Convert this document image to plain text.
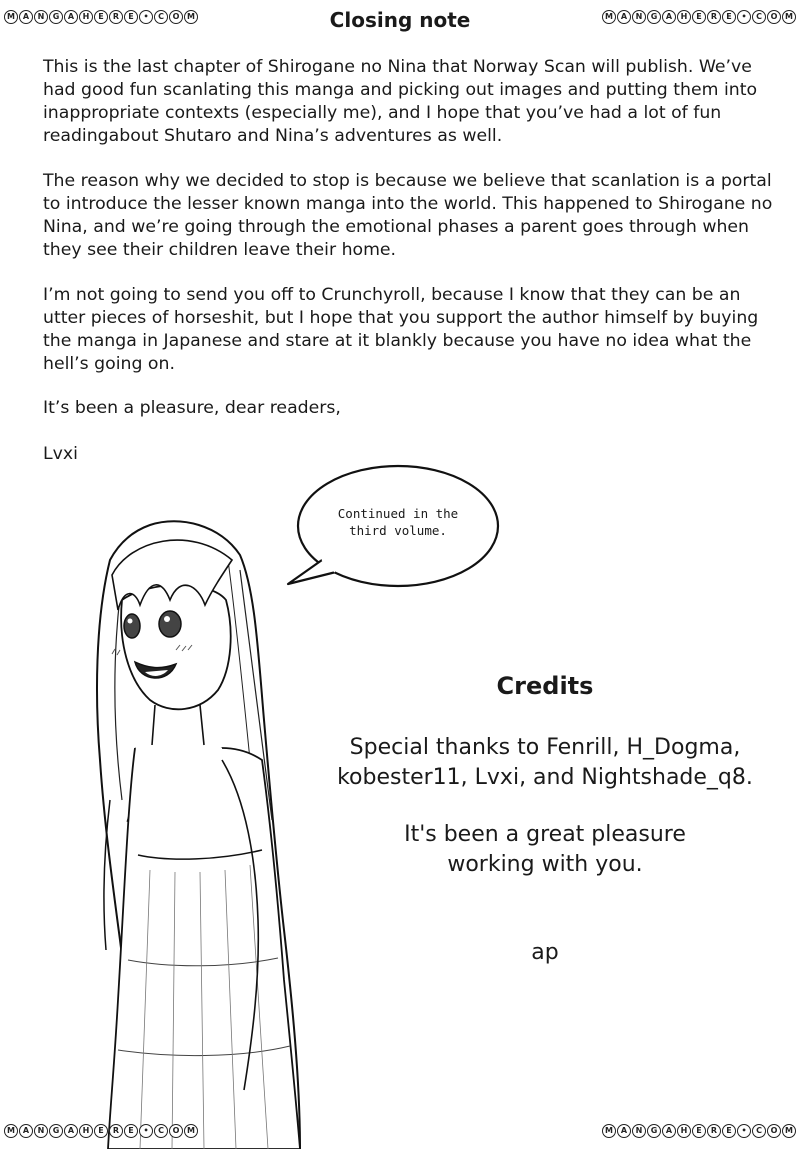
M A	N	G	A	H	E	R	E	•	C	O M	M A	N	G	A	H	E	R	E	•	C	O M
M A	N	G	A	H	E	R	E	•	C	O M	M A	N	G	A	H	E	R	E	•	C	O M
Closing note
This is the last chapter of Shirogane no Nina that Norway Scan will publish. We’ve had good fun scanlating this manga and picking out images and putting them into inappropriate contexts (especially me), and I hope that you’ve had a lot of fun readingabout Shutaro and Nina’s adventures as well.
The reason why we decided to stop is because we believe that scanlation is a portal to introduce the lesser known manga into the world. This happened to Shirogane no Nina, and we’re going through the emotional phases a parent goes through when they see their children leave their home.
I’m not going to send you off to Crunchyroll, because I know that they can be an utter pieces of horseshit, but I hope that you support the author himself by buying the manga in Japanese and stare at it blankly because you have no idea what the hell’s going on.
It’s been a pleasure, dear readers,
Lvxi
Continued in the
third volume.
Credits
Special thanks to Fenrill, H_Dogma,
kobester11, Lvxi, and Nightshade_q8.
It's been a great pleasure
working with you.
ap
